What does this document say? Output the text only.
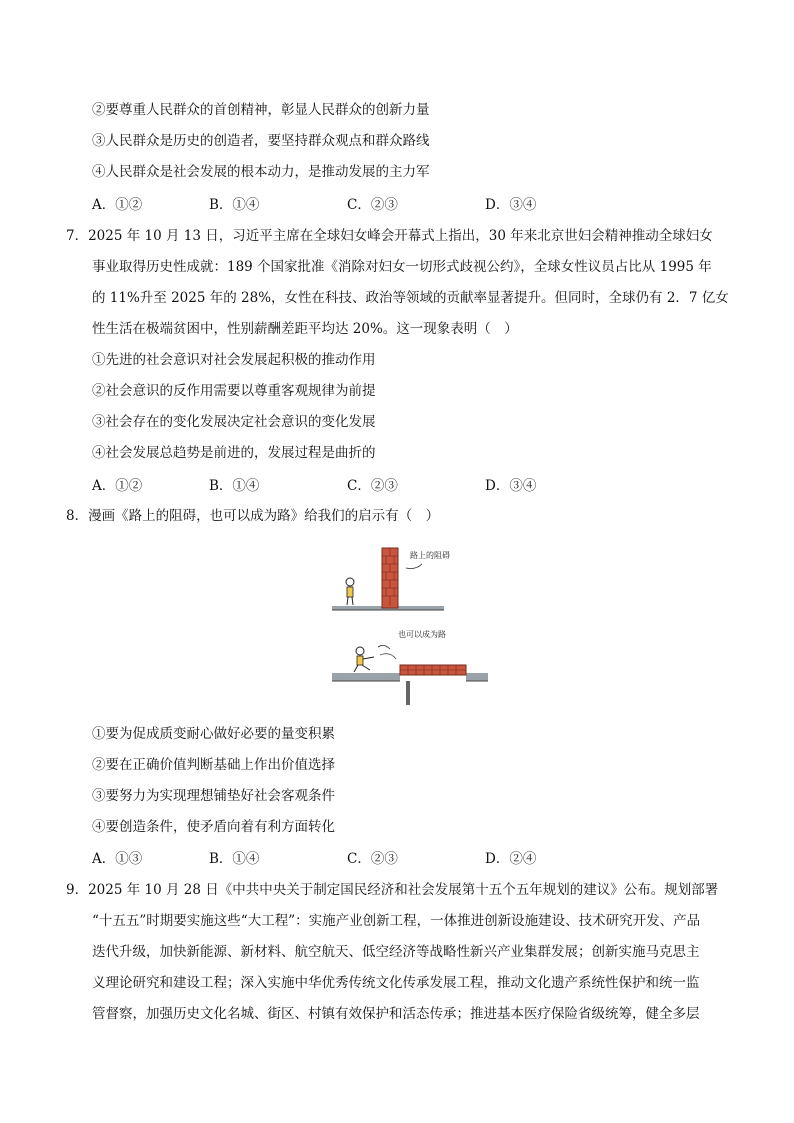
②要尊重人民群众的首创精神，彰显人民群众的创新力量
③人民群众是历史的创造者，要坚持群众观点和群众路线
④人民群众是社会发展的根本动力，是推动发展的主力军
A．①②	B．①④	C．②③	D．③④
7．2025 年 10 月 13 日，习近平主席在全球妇女峰会开幕式上指出，30 年来北京世妇会精神推动全球妇女
事业取得历史性成就：189 个国家批准《消除对妇女一切形式歧视公约》，全球女性议员占比从 1995 年
的 11%升至 2025 年的 28%，女性在科技、政治等领域的贡献率显著提升。但同时，全球仍有 2．7 亿女
性生活在极端贫困中，性别薪酬差距平均达 20%。这一现象表明（　）
①先进的社会意识对社会发展起积极的推动作用
②社会意识的反作用需要以尊重客观规律为前提
③社会存在的变化发展决定社会意识的变化发展
④社会发展总趋势是前进的，发展过程是曲折的
A．①②	B．①④	C．②③	D．③④
8．漫画《路上的阻碍，也可以成为路》给我们的启示有（　）
路上的阻碍
也可以成为路
①要为促成质变耐心做好必要的量变积累
②要在正确价值判断基础上作出价值选择
③要努力为实现理想铺垫好社会客观条件
④要创造条件，使矛盾向着有利方面转化
A．①③	B．①④	C．②③	D．②④
9．2025 年 10 月 28 日《中共中央关于制定国民经济和社会发展第十五个五年规划的建议》公布。规划部署
“十五五”时期要实施这些“大工程”：实施产业创新工程，一体推进创新设施建设、技术研究开发、产品
迭代升级，加快新能源、新材料、航空航天、低空经济等战略性新兴产业集群发展；创新实施马克思主
义理论研究和建设工程；深入实施中华优秀传统文化传承发展工程，推动文化遗产系统性保护和统一监
管督察，加强历史文化名城、街区、村镇有效保护和活态传承；推进基本医疗保险省级统筹，健全多层
